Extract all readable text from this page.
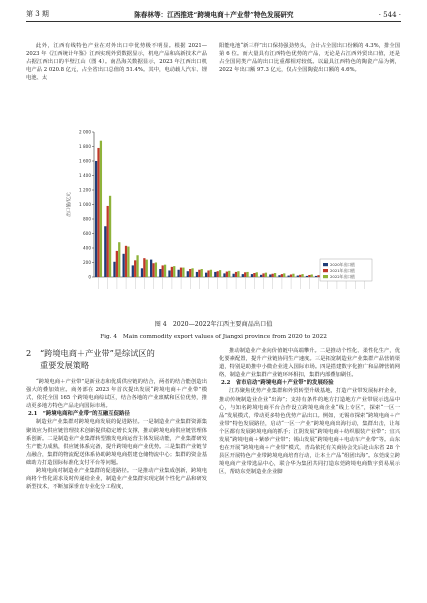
第 3 期	陈春林等：江西推进“跨境电商＋产业带”特色发展研究	· 544 ·

此外，江西有线特色产业在对外出口中优势极不明显。根据 2021—2023 年《江西统计年鉴》江西实现外贸数据显示，机电产品和高新技术产品占据江西出口的半壁江山（图 4）。南昌海关数据显示，2023 年江西出口机电产品 2 020.8 亿元，占全省出口总值的 51.4%。其中，电动载人汽车、锂电池、太

阳能电池“新三样”出口保持强劲势头，合计占全国出口份额的 4.3%，排全国第 6 位。而大量具有江西特色优势的产品，无论是占江西外贸出口值，还是占全国同类产品的出口比重都相对较低。以最具江西特色的陶瓷产品为例，2022 年出口额 97.3 亿元，仅占全国陶瓷出口额的 4.6%。

2 000
1 800
1 600
1 400
1 200
1 000
800
600
400
200
0
出口值/亿元
2020年出口值
2021年出口值
2022年出口值
图 4　2020—2022年江西主要商品出口值
Fig. 4　Main commodity export values of Jiangxi province from 2020 to 2022
2 “跨境电商＋产业带”是综试区的
重要发展策略

“跨境电商＋产业带”是新业态和优质供应链的结合，两者的结合能创造出强大的叠加效应。商务部在 2023 年首次提出发展“跨境电商＋产业带”模式，依托全国 165 个跨境电商综试区，结合各地的产业禀赋和区位优势，推动更多地方特色产品走向国际市场。

2.1　“跨境电商和产业带”的互融互促路径

制造业产业集群对跨境电商发展的促进路径。一是制造业产业集群资源集聚效应为供应链管理技术创新提供稳定增长支撑，推动跨境电商供应链管理体系创新。二是制造业产业集群转型激发电商运营主体发展动能，产业集群研发生产能力成熟，供应链体系完备，提升跨境电商产业优势。三是集群产业链节点融合，集群的物流配送体系协助跨境电商搭建仓储物流中心；集群的资金基础助力打造国际标准化支付平台等问题。

跨境电商对制造业产业集群的促进路径。一是推动产业集成创新，跨境电商将个性化需求及时传递给企业，制造业产业集群实现定制个性化产品和研发新型技术，不断加深垂直专业化分工程度，

推动制造业产业向价值链中高端攀升。二是推动个性化、柔性化生产，优化要素配置，提升产业链协同生产速度。三是拓宽制造业产业集群产品营销渠道，特别是助推中小微企业进入国际市场。四是搭建数字化推广和品牌营销网络，制造业产业集群产业链环环相扣，集群内部叠加刷任。

2.2　省市启动“跨境电商＋产业带”的发展经验

江苏聚焦优势产业集群和外贸转型升级基地，打造产业带发展标杆企业，推动传统制造业企业“出海”；支持有条件的地方打造地方产业带展示选品中心，与知名跨境电商平台合作设立跨境电商企业“线上专区”，探索“一区一品”发展模式，带动更多特色优势产品出口。例如，无锡市探索“跨境电商＋产业带”特色发展路径，启动“一区一产业”跨境电商出海行动，集群出击，让每个区都有发展跨境电商的抓手；江阴发展“跨境电商＋纺织服装产业带”；宜兴发展“跨境电商＋紫砂产业带”；锡山发展“跨境电商＋电动车产业带”等。山东也在开展“跨境电商＋产业带”模式，青岛依托有关商协会先后赴山东省 28 个县区开展特色产业带跨境电商培育行动，让本土产品“组团出海”。东莞成立跨境电商产业带选品中心，联合华为集团共同打造东莞跨境电商数字贸易展示区，帮助东莞制造业企业脚
